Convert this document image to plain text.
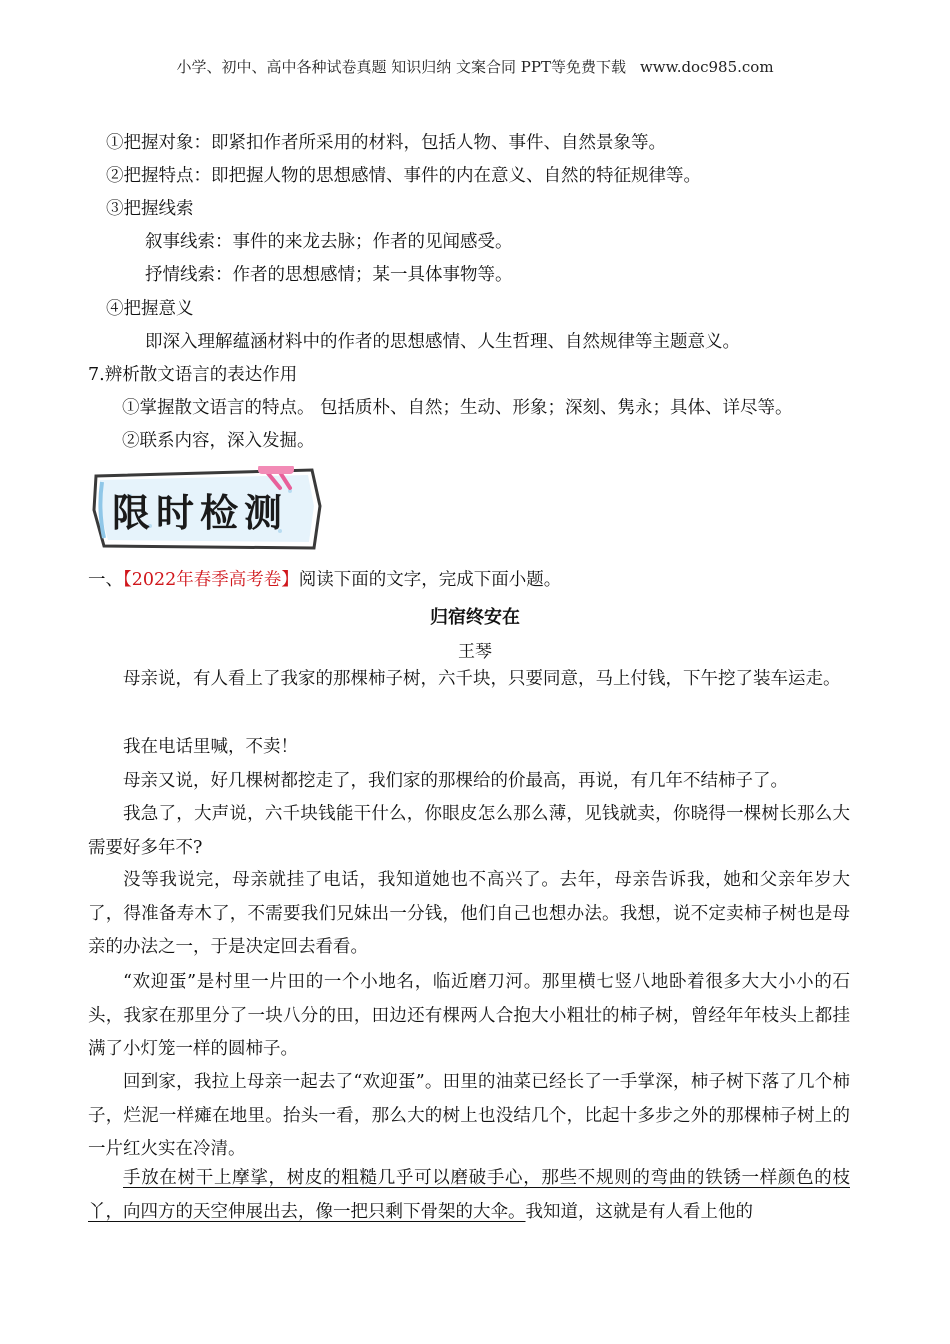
小学、初中、高中各种试卷真题 知识归纳 文案合同 PPT等免费下载 www.doc985.com
①把握对象：即紧扣作者所采用的材料，包括人物、事件、自然景象等。
②把握特点：即把握人物的思想感情、事件的内在意义、自然的特征规律等。
③把握线索
叙事线索：事件的来龙去脉；作者的见闻感受。
抒情线索：作者的思想感情；某一具体事物等。
④把握意义
即深入理解蕴涵材料中的作者的思想感情、人生哲理、自然规律等主题意义。
7.辨析散文语言的表达作用
①掌握散文语言的特点。 包括质朴、自然；生动、形象；深刻、隽永；具体、详尽等。
②联系内容，深入发掘。
限时检测
一、【2022年春季高考卷】阅读下面的文字，完成下面小题。
归宿终安在
王琴
母亲说，有人看上了我家的那棵柿子树，六千块，只要同意，马上付钱，下午挖了装车运走。
我在电话里喊，不卖！
母亲又说，好几棵树都挖走了，我们家的那棵给的价最高，再说，有几年不结柿子了。
我急了，大声说，六千块钱能干什么，你眼皮怎么那么薄，见钱就卖，你晓得一棵树长那么大需要好多年不?
没等我说完，母亲就挂了电话，我知道她也不高兴了。去年，母亲告诉我，她和父亲年岁大了，得准备寿木了，不需要我们兄妹出一分钱，他们自己也想办法。我想，说不定卖柿子树也是母亲的办法之一，于是决定回去看看。
“欢迎蛋”是村里一片田的一个小地名，临近磨刀河。那里横七竖八地卧着很多大大小小的石头，我家在那里分了一块八分的田，田边还有棵两人合抱大小粗壮的柿子树，曾经年年枝头上都挂满了小灯笼一样的圆柿子。
回到家，我拉上母亲一起去了“欢迎蛋”。田里的油菜已经长了一手掌深，柿子树下落了几个柿子，烂泥一样瘫在地里。抬头一看，那么大的树上也没结几个，比起十多步之外的那棵柿子树上的一片红火实在冷清。
手放在树干上摩挲，树皮的粗糙几乎可以磨破手心，那些不规则的弯曲的铁锈一样颜色的枝丫，向四方的天空伸展出去，像一把只剩下骨架的大伞。我知道，这就是有人看上他的
